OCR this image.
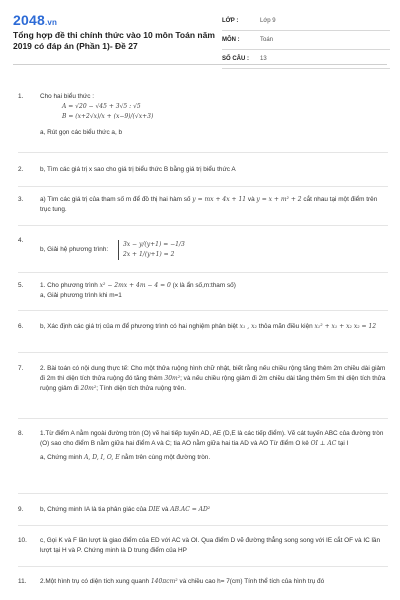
2048.vn
Tổng hợp đề thi chính thức vào 10 môn Toán năm 2019 có đáp án (Phần 1)- Đề 27
LỚP :	Lớp 9
MÔN :	Toán
SỐ CÂU :	13
1.	Cho hai biểu thức :
A = √20 − √45 + 3√5 : √5
B = (x+2√x)/x + (x−9)/(√x+3)
a, Rút gọn các biểu thức a, b
2.	b, Tìm các giá trị x sao cho giá trị biểu thức B bằng giá trị biểu thức A
3.	a) Tìm các giá trị của tham số m để đồ thị hai hàm số y = mx + 4x + 11 và y = x + m² + 2 cắt nhau tại một điểm trên trục tung.
4.
b, Giải hệ phương trình:
3x − y/(y+1) = −1/3
2x + 1/(y+1) = 2
5.	1. Cho phương trình x² − 2mx + 4m − 4 = 0 (x là ẩn số,m:tham số)
a, Giải phương trình khi m=1
6.	b, Xác định các giá trị của m để phương trình có hai nghiệm phân biệt x₁ , x₂ thỏa mãn điều kiện x₁² + x₁ + x₂ x₂ = 12
7.	2. Bài toán có nội dung thực tế: Cho một thửa ruộng hình chữ nhật, biết rằng nếu chiều rộng tăng thêm 2m chiều dài giảm đi 2m thì diện tích thửa ruộng đó tăng thêm 30m²; và nếu chiều rộng giảm đi 2m chiều dài tăng thêm 5m thì diện tích thửa ruộng giảm đi 20m²; Tính diện tích thửa ruộng trên.
8.	1.Từ điểm A nằm ngoài đường tròn (O) vẽ hai tiếp tuyến AD, AE (D,E là các tiếp điểm). Vẽ cát tuyến ABC của đường tròn (O) sao cho điểm B nằm giữa hai điểm A và C; tia AO nằm giữa hai tia AD và AO Từ điểm O kẻ OI ⊥ AC tại I
a, Chứng minh A, D, I, O, E nằm trên cùng một đường tròn.
9.	b, Chứng minh IA là tia phân giác của DIE và AB.AC = AD²
10.	c, Gọi K và F lần lượt là giao điểm của ED với AC và OI. Qua điểm D vẽ đường thẳng song song với IE cắt OF và IC lần lượt tại H và P. Chứng minh là D trung điểm của HP
11.	2.Một hình trụ có diện tích xung quanh 140πcm² và chiều cao h= 7(cm) Tính thể tích của hình trụ đó
